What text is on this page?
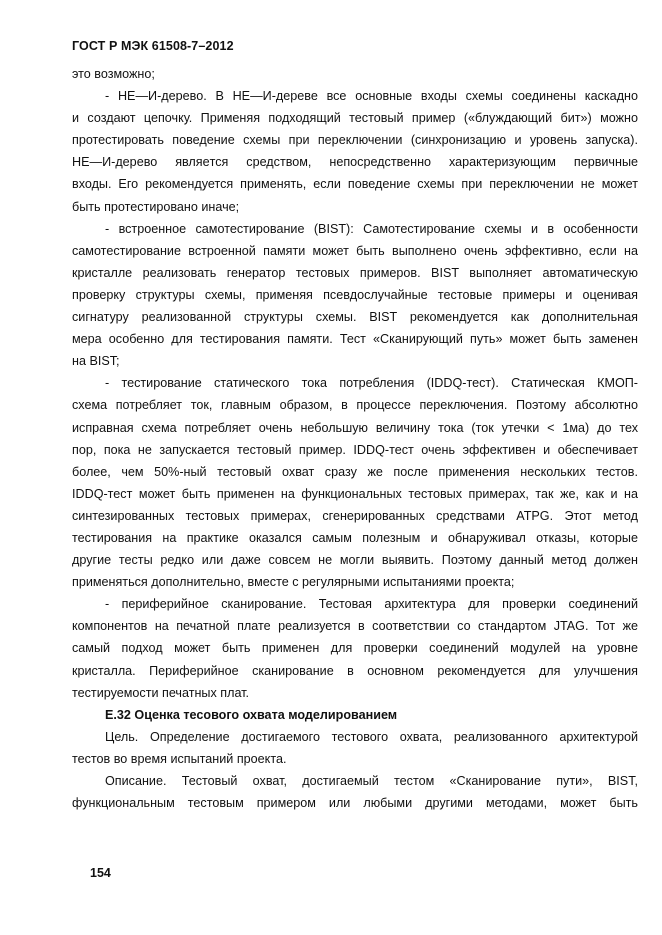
ГОСТ Р МЭК 61508-7–2012
это возможно;
- НЕ—И-дерево. В НЕ—И-дереве все основные входы схемы соединены каскадно
и создают цепочку. Применяя подходящий тестовый пример («блуждающий бит») можно
протестировать поведение схемы при переключении (синхронизацию и уровень запуска).
НЕ—И-дерево являeтся средством, непосредственно характеризующим первичные
входы. Его рекомендуется применять, если поведение схемы при переключении не может
быть протестировано иначе;
- встроенное самотестирование (BIST): Самотестирование схемы и в особенности
самотестирование встроенной памяти может быть выполнено очень эффективно, если на
кристалле реализовать генератор тестовых примеров. BIST выполняет автоматическую
проверку структуры схемы, применяя псевдослучайные тестовые примеры и оценивая
сигнатуру реализованной структуры схемы. BIST рекомендуется как дополнительная
мера особенно для тестирования памяти. Тест «Сканирующий путь» может быть заменен
на BIST;
- тестирование статического тока потребления (IDDQ-тест). Статическая КМОП-
схема потребляет ток, главным образом, в процессе переключения. Поэтому абсолютно
исправная схема потребляет очень небольшую величину тока (ток утечки < 1мa) до тех
пор, пока не запускается тестовый пример. IDDQ-тест очень эффективен и обеспечивает
более, чем 50%-ный тестовый охват сразу же после применения нескольких тестов.
IDDQ-тест может быть применен на функциональных тестовых примерах, так же, как и на
синтезированных тестовых примерах, сгенерированных средствами ATPG. Этот метод
тестирования на практике оказался самым полезным и обнаруживал отказы, которые
другие тесты редко или даже совсем не могли выявить. Поэтому данный метод должен
применяться дополнительно, вместе с регулярными испытаниями проекта;
- периферийное сканирование. Тестовая архитектура для проверки соединений
компонентов на печатной плате реализуется в соответствии со стандартом JTAG. Тот же
самый подход может быть применен для проверки соединений модулей на уровне
кристалла. Периферийное сканирование в основном рекомендуется для улучшения
тестируемости печатных плат.
Е.32 Оценка тесового охвата моделированием
Цель. Определение достигаемого тестового охвата, реализованного архитектурой
тестов во время испытаний проекта.
Описание. Тестовый охват, достигаемый тестом «Сканирование пути», BIST,
функциональным тестовым примером или любыми другими методами, может быть
154
